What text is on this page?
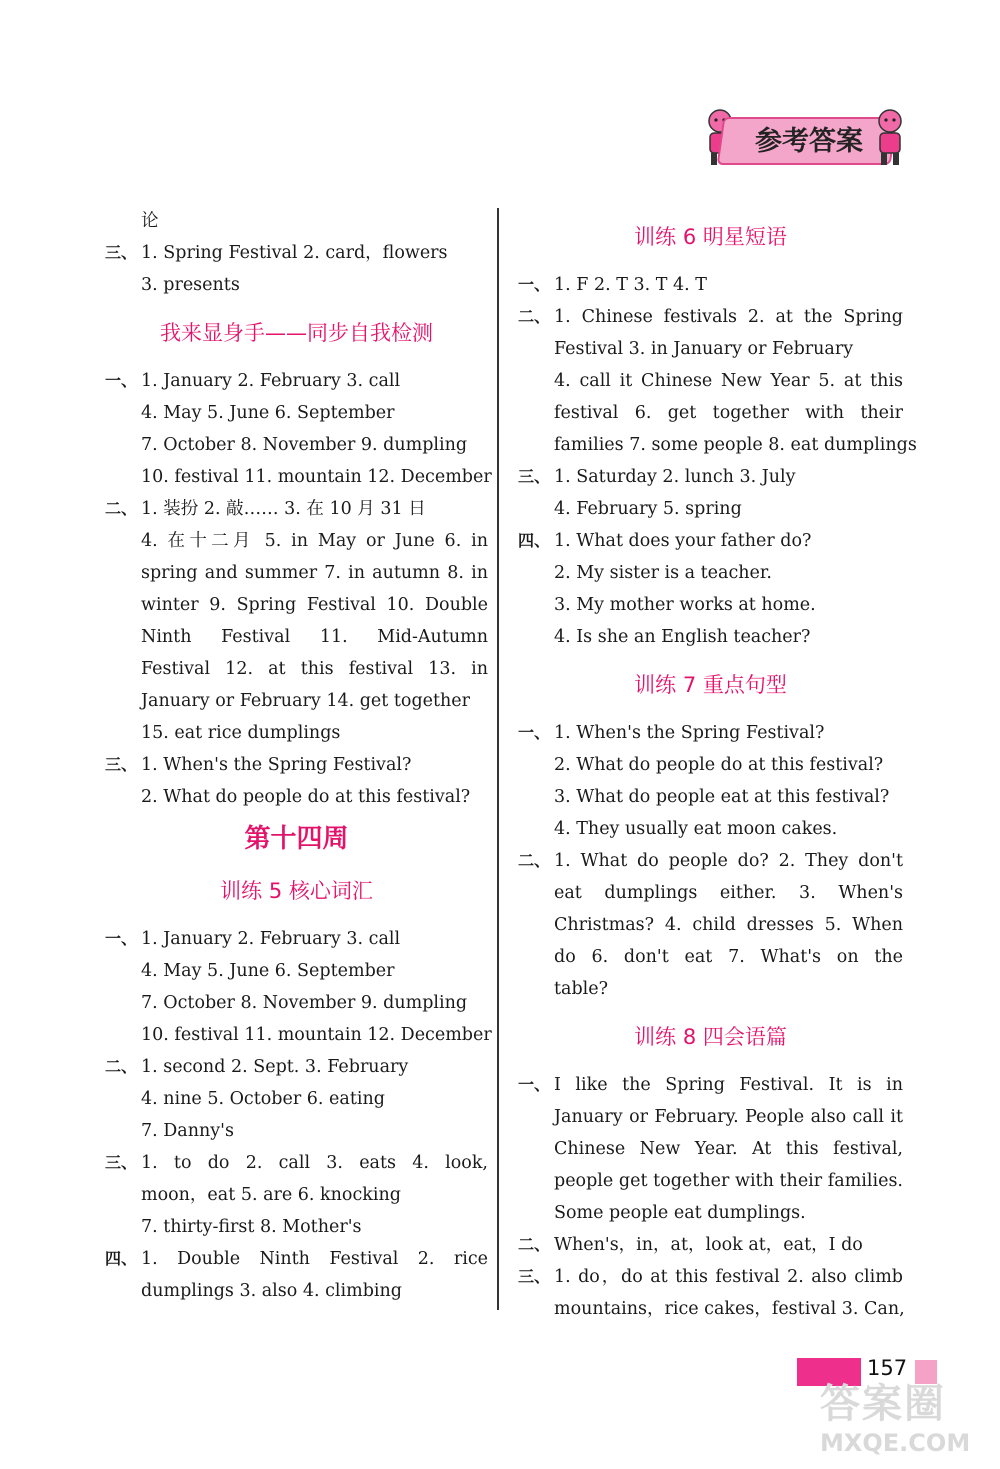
参考答案
论
三、 1. Spring Festival 2. card，flowers
3. presents
我来显身手——同步自我检测
一、 1. January 2. February 3. call
4. May 5. June 6. September
7. October 8. November 9. dumpling
10. festival 11. mountain 12. December
二、 1. 装扮 2. 敲…… 3. 在 10 月 31 日
4. 在十二月 5. in May or June 6. in
spring and summer 7. in autumn 8. in
winter 9. Spring Festival 10. Double
Ninth Festival 11. Mid-Autumn
Festival 12. at this festival 13. in
January or February 14. get together
15. eat rice dumplings
三、 1. When's the Spring Festival?
2. What do people do at this festival?
第十四周
训练 5 核心词汇
一、 1. January 2. February 3. call
4. May 5. June 6. September
7. October 8. November 9. dumpling
10. festival 11. mountain 12. December
二、 1. second 2. Sept. 3. February
4. nine 5. October 6. eating
7. Danny's
三、 1. to do 2. call 3. eats 4. look,
moon，eat 5. are 6. knocking
7. thirty-first 8. Mother's
四、 1. Double Ninth Festival 2. rice
dumplings 3. also 4. climbing
训练 6 明星短语
一、 1. F 2. T 3. T 4. T
二、 1. Chinese festivals 2. at the Spring
Festival 3. in January or February
4. call it Chinese New Year 5. at this
festival 6. get together with their
families 7. some people 8. eat dumplings
三、 1. Saturday 2. lunch 3. July
4. February 5. spring
四、 1. What does your father do?
2. My sister is a teacher.
3. My mother works at home.
4. Is she an English teacher?
训练 7 重点句型
一、 1. When's the Spring Festival?
2. What do people do at this festival?
3. What do people eat at this festival?
4. They usually eat moon cakes.
二、 1. What do people do? 2. They don't
eat dumplings either. 3. When's
Christmas? 4. child dresses 5. When
do 6. don't eat 7. What's on the
table?
训练 8 四会语篇
一、 I like the Spring Festival. It is in
January or February. People also call it
Chinese New Year. At this festival,
people get together with their families.
Some people eat dumplings.
二、 When's，in，at，look at，eat，I do
三、 1. do，do at this festival 2. also climb
mountains，rice cakes，festival 3. Can,
157
答案圈
MXQE.COM
